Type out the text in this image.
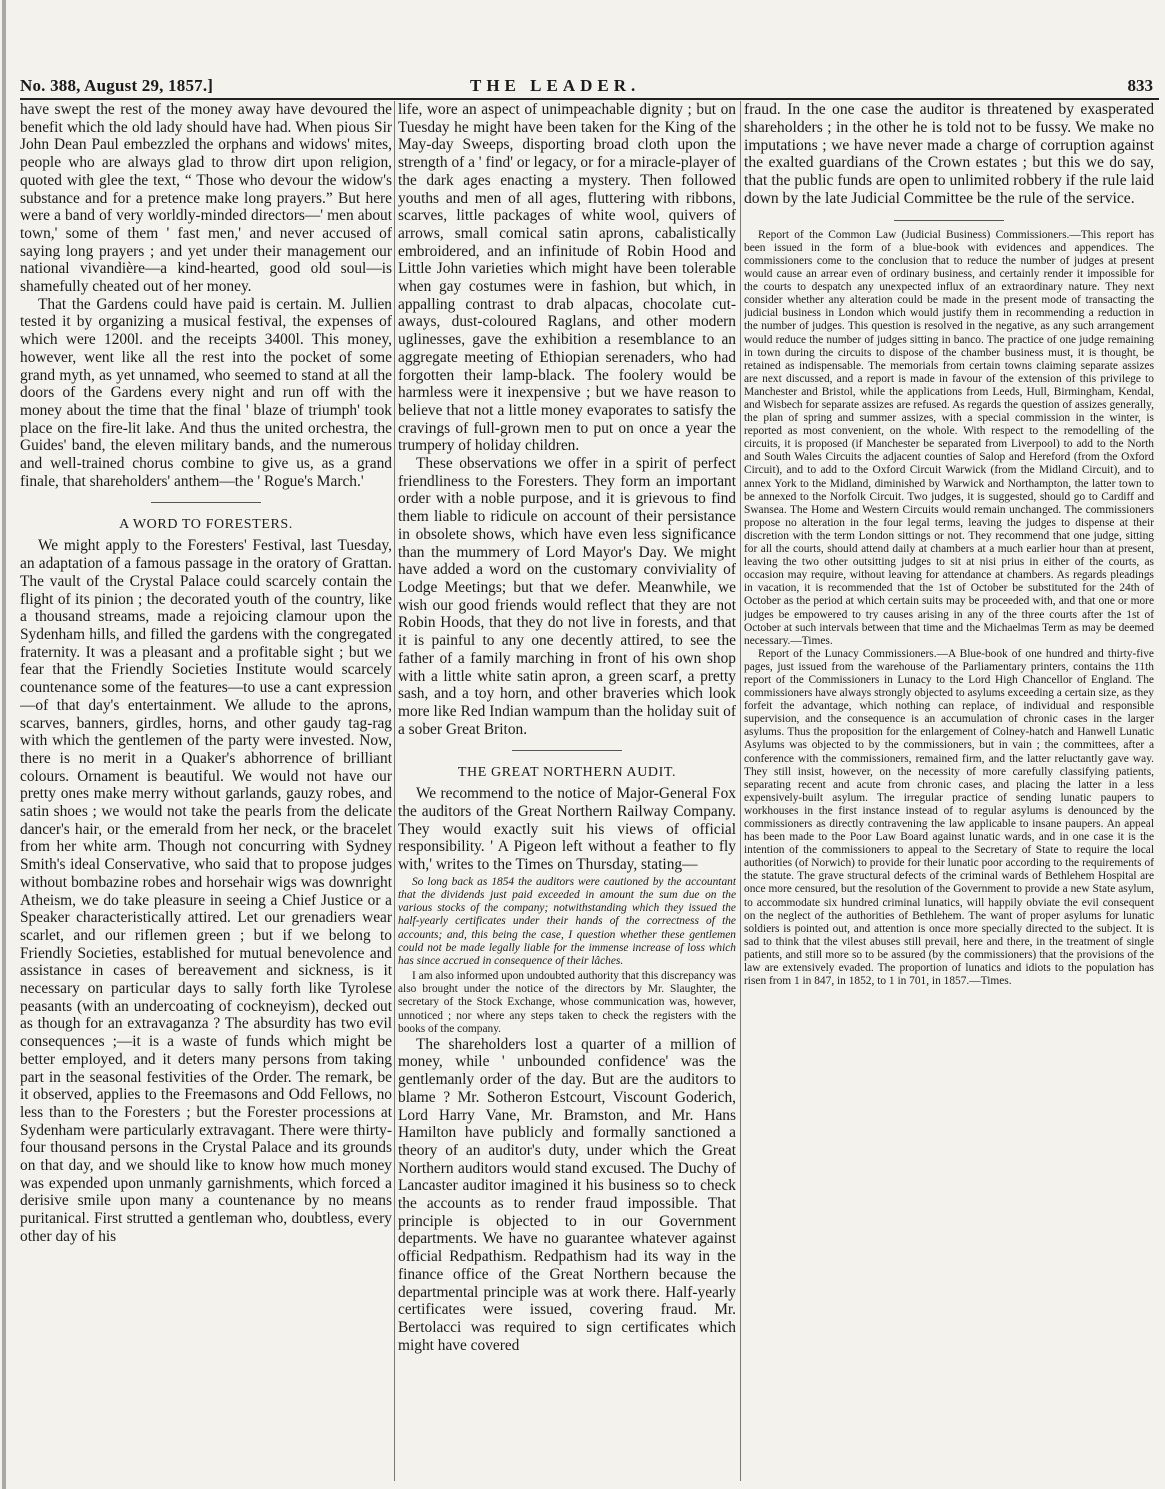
No. 388, August 29, 1857.]	THE LEADER.	833

have swept the rest of the money away have devoured the benefit which the old lady should have had. When pious Sir John Dean Paul embezzled the orphans and widows' mites, people who are always glad to throw dirt upon religion, quoted with glee the text, “ Those who devour the widow's substance and for a pretence make long prayers.” But here were a band of very worldly-minded directors—' men about town,' some of them ' fast men,' and never accused of saying long prayers ; and yet under their management our national vivandière—a kind-hearted, good old soul—is shamefully cheated out of her money.

That the Gardens could have paid is certain. M. Jullien tested it by organizing a musical festival, the expenses of which were 1200l. and the receipts 3400l. This money, however, went like all the rest into the pocket of some grand myth, as yet unnamed, who seemed to stand at all the doors of the Gardens every night and run off with the money about the time that the final ' blaze of triumph' took place on the fire-lit lake. And thus the united orchestra, the Guides' band, the eleven military bands, and the numerous and well-trained chorus combine to give us, as a grand finale, that shareholders' anthem—the ' Rogue's March.'

A WORD TO FORESTERS.

We might apply to the Foresters' Festival, last Tuesday, an adaptation of a famous passage in the oratory of Grattan. The vault of the Crystal Palace could scarcely contain the flight of its pinion ; the decorated youth of the country, like a thousand streams, made a rejoicing clamour upon the Sydenham hills, and filled the gardens with the congregated fraternity. It was a pleasant and a profitable sight ; but we fear that the Friendly Societies Institute would scarcely countenance some of the features—to use a cant expression—of that day's entertainment. We allude to the aprons, scarves, banners, girdles, horns, and other gaudy tag-rag with which the gentlemen of the party were invested. Now, there is no merit in a Quaker's abhorrence of brilliant colours. Ornament is beautiful. We would not have our pretty ones make merry without garlands, gauzy robes, and satin shoes ; we would not take the pearls from the delicate dancer's hair, or the emerald from her neck, or the bracelet from her white arm. Though not concurring with Sydney Smith's ideal Conservative, who said that to propose judges without bombazine robes and horsehair wigs was downright Atheism, we do take pleasure in seeing a Chief Justice or a Speaker characteristically attired. Let our grenadiers wear scarlet, and our riflemen green ; but if we belong to Friendly Societies, established for mutual benevolence and assistance in cases of bereavement and sickness, is it necessary on particular days to sally forth like Tyrolese peasants (with an undercoating of cockneyism), decked out as though for an extravaganza ? The absurdity has two evil consequences ;—it is a waste of funds which might be better employed, and it deters many persons from taking part in the seasonal festivities of the Order. The remark, be it observed, applies to the Freemasons and Odd Fellows, no less than to the Foresters ; but the Forester processions at Sydenham were particularly extravagant. There were thirty-four thousand persons in the Crystal Palace and its grounds on that day, and we should like to know how much money was expended upon unmanly garnishments, which forced a derisive smile upon many a countenance by no means puritanical. First strutted a gentleman who, doubtless, every other day of his

life, wore an aspect of unimpeachable dignity ; but on Tuesday he might have been taken for the King of the May-day Sweeps, disporting broad cloth upon the strength of a ' find' or legacy, or for a miracle-player of the dark ages enacting a mystery. Then followed youths and men of all ages, fluttering with ribbons, scarves, little packages of white wool, quivers of arrows, small comical satin aprons, cabalistically embroidered, and an infinitude of Robin Hood and Little John varieties which might have been tolerable when gay costumes were in fashion, but which, in appalling contrast to drab alpacas, chocolate cut-aways, dust-coloured Raglans, and other modern uglinesses, gave the exhibition a resemblance to an aggregate meeting of Ethiopian serenaders, who had forgotten their lamp-black. The foolery would be harmless were it inexpensive ; but we have reason to believe that not a little money evaporates to satisfy the cravings of full-grown men to put on once a year the trumpery of holiday children.

These observations we offer in a spirit of perfect friendliness to the Foresters. They form an important order with a noble purpose, and it is grievous to find them liable to ridicule on account of their persistance in obsolete shows, which have even less significance than the mummery of Lord Mayor's Day. We might have added a word on the customary conviviality of Lodge Meetings; but that we defer. Meanwhile, we wish our good friends would reflect that they are not Robin Hoods, that they do not live in forests, and that it is painful to any one decently attired, to see the father of a family marching in front of his own shop with a little white satin apron, a green scarf, a pretty sash, and a toy horn, and other braveries which look more like Red Indian wampum than the holiday suit of a sober Great Briton.

THE GREAT NORTHERN AUDIT.

We recommend to the notice of Major-General Fox the auditors of the Great Northern Railway Company. They would exactly suit his views of official responsibility. ' A Pigeon left without a feather to fly with,' writes to the Times on Thursday, stating—

So long back as 1854 the auditors were cautioned by the accountant that the dividends just paid exceeded in amount the sum due on the various stocks of the company; notwithstanding which they issued the half-yearly certificates under their hands of the correctness of the accounts; and, this being the case, I question whether these gentlemen could not be made legally liable for the immense increase of loss which has since accrued in consequence of their lâches.

I am also informed upon undoubted authority that this discrepancy was also brought under the notice of the directors by Mr. Slaughter, the secretary of the Stock Exchange, whose communication was, however, unnoticed ; nor where any steps taken to check the registers with the books of the company.

The shareholders lost a quarter of a million of money, while ' unbounded confidence' was the gentlemanly order of the day. But are the auditors to blame ? Mr. Sotheron Estcourt, Viscount Goderich, Lord Harry Vane, Mr. Bramston, and Mr. Hans Hamilton have publicly and formally sanctioned a theory of an auditor's duty, under which the Great Northern auditors would stand excused. The Duchy of Lancaster auditor imagined it his business so to check the accounts as to render fraud impossible. That principle is objected to in our Government departments. We have no guarantee whatever against official Redpathism. Redpathism had its way in the finance office of the Great Northern because the departmental principle was at work there. Half-yearly certificates were issued, covering fraud. Mr. Bertolacci was required to sign certificates which might have covered

fraud. In the one case the auditor is threatened by exasperated shareholders ; in the other he is told not to be fussy. We make no imputations ; we have never made a charge of corruption against the exalted guardians of the Crown estates ; but this we do say, that the public funds are open to unlimited robbery if the rule laid down by the late Judicial Committee be the rule of the service.

Report of the Common Law (Judicial Business) Commissioners.—This report has been issued in the form of a blue-book with evidences and appendices. The commissioners come to the conclusion that to reduce the number of judges at present would cause an arrear even of ordinary business, and certainly render it impossible for the courts to despatch any unexpected influx of an extraordinary nature. They next consider whether any alteration could be made in the present mode of transacting the judicial business in London which would justify them in recommending a reduction in the number of judges. This question is resolved in the negative, as any such arrangement would reduce the number of judges sitting in banco. The practice of one judge remaining in town during the circuits to dispose of the chamber business must, it is thought, be retained as indispensable. The memorials from certain towns claiming separate assizes are next discussed, and a report is made in favour of the extension of this privilege to Manchester and Bristol, while the applications from Leeds, Hull, Birmingham, Kendal, and Wisbech for separate assizes are refused. As regards the question of assizes generally, the plan of spring and summer assizes, with a special commission in the winter, is reported as most convenient, on the whole. With respect to the remodelling of the circuits, it is proposed (if Manchester be separated from Liverpool) to add to the North and South Wales Circuits the adjacent counties of Salop and Hereford (from the Oxford Circuit), and to add to the Oxford Circuit Warwick (from the Midland Circuit), and to annex York to the Midland, diminished by Warwick and Northampton, the latter town to be annexed to the Norfolk Circuit. Two judges, it is suggested, should go to Cardiff and Swansea. The Home and Western Circuits would remain unchanged. The commissioners propose no alteration in the four legal terms, leaving the judges to dispense at their discretion with the term London sittings or not. They recommend that one judge, sitting for all the courts, should attend daily at chambers at a much earlier hour than at present, leaving the two other outsitting judges to sit at nisi prius in either of the courts, as occasion may require, without leaving for attendance at chambers. As regards pleadings in vacation, it is recommended that the 1st of October be substituted for the 24th of October as the period at which certain suits may be proceeded with, and that one or more judges be empowered to try causes arising in any of the three courts after the 1st of October at such intervals between that time and the Michaelmas Term as may be deemed necessary.—Times.

Report of the Lunacy Commissioners.—A Blue-book of one hundred and thirty-five pages, just issued from the warehouse of the Parliamentary printers, contains the 11th report of the Commissioners in Lunacy to the Lord High Chancellor of England. The commissioners have always strongly objected to asylums exceeding a certain size, as they forfeit the advantage, which nothing can replace, of individual and responsible supervision, and the consequence is an accumulation of chronic cases in the larger asylums. Thus the proposition for the enlargement of Colney-hatch and Hanwell Lunatic Asylums was objected to by the commissioners, but in vain ; the committees, after a conference with the commissioners, remained firm, and the latter reluctantly gave way. They still insist, however, on the necessity of more carefully classifying patients, separating recent and acute from chronic cases, and placing the latter in a less expensively-built asylum. The irregular practice of sending lunatic paupers to workhouses in the first instance instead of to regular asylums is denounced by the commissioners as directly contravening the law applicable to insane paupers. An appeal has been made to the Poor Law Board against lunatic wards, and in one case it is the intention of the commissioners to appeal to the Secretary of State to require the local authorities (of Norwich) to provide for their lunatic poor according to the requirements of the statute. The grave structural defects of the criminal wards of Bethlehem Hospital are once more censured, but the resolution of the Government to provide a new State asylum, to accommodate six hundred criminal lunatics, will happily obviate the evil consequent on the neglect of the authorities of Bethlehem. The want of proper asylums for lunatic soldiers is pointed out, and attention is once more specially directed to the subject. It is sad to think that the vilest abuses still prevail, here and there, in the treatment of single patients, and still more so to be assured (by the commissioners) that the provisions of the law are extensively evaded. The proportion of lunatics and idiots to the population has risen from 1 in 847, in 1852, to 1 in 701, in 1857.—Times.
